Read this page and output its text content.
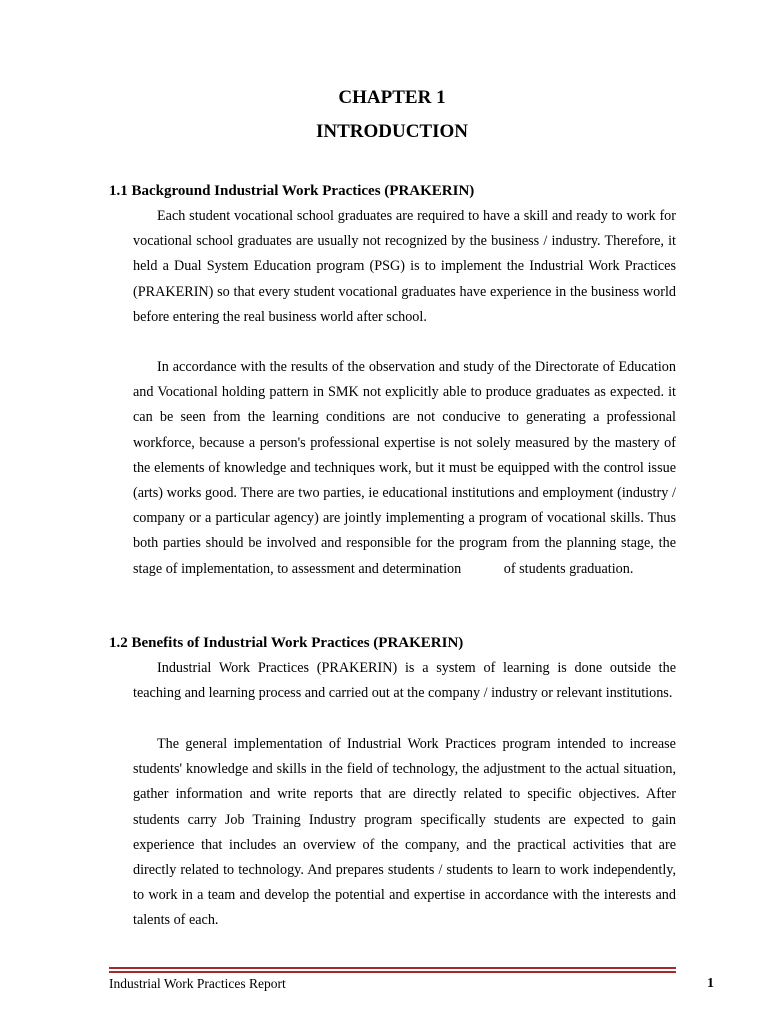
CHAPTER 1
INTRODUCTION
1.1 Background Industrial Work Practices (PRAKERIN)

Each student vocational school graduates are required to have a skill and ready to work for vocational school graduates are usually not recognized by the business / industry. Therefore, it held a Dual System Education program (PSG) is to implement the Industrial Work Practices (PRAKERIN) so that every student vocational graduates have experience in the business world before entering the real business world after school.

In accordance with the results of the observation and study of the Directorate of Education and Vocational holding pattern in SMK not explicitly able to produce graduates as expected. it can be seen from the learning conditions are not conducive to generating a professional workforce, because a person's professional expertise is not solely measured by the mastery of the elements of knowledge and techniques work, but it must be equipped with the control issue (arts) works good. There are two parties, ie educational institutions and employment (industry / company or a particular agency) are jointly implementing a program of vocational skills. Thus both parties should be involved and responsible for the program from the planning stage, the stage of implementation, to assessment and determination            of students graduation.

1.2 Benefits of Industrial Work Practices (PRAKERIN)

Industrial Work Practices (PRAKERIN) is a system of learning is done outside the teaching and learning process and carried out at the company / industry or relevant institutions.

The general implementation of Industrial Work Practices program intended to increase students' knowledge and skills in the field of technology, the adjustment to the actual situation, gather information and write reports that are directly related to specific objectives. After students carry Job Training Industry program specifically students are expected to gain experience that includes an overview of the company, and the practical activities that are directly related to technology. And prepares students / students to learn to work independently, to work in a team and develop the potential and expertise in accordance with the interests and talents of each.

Industrial Work Practices Report	1
